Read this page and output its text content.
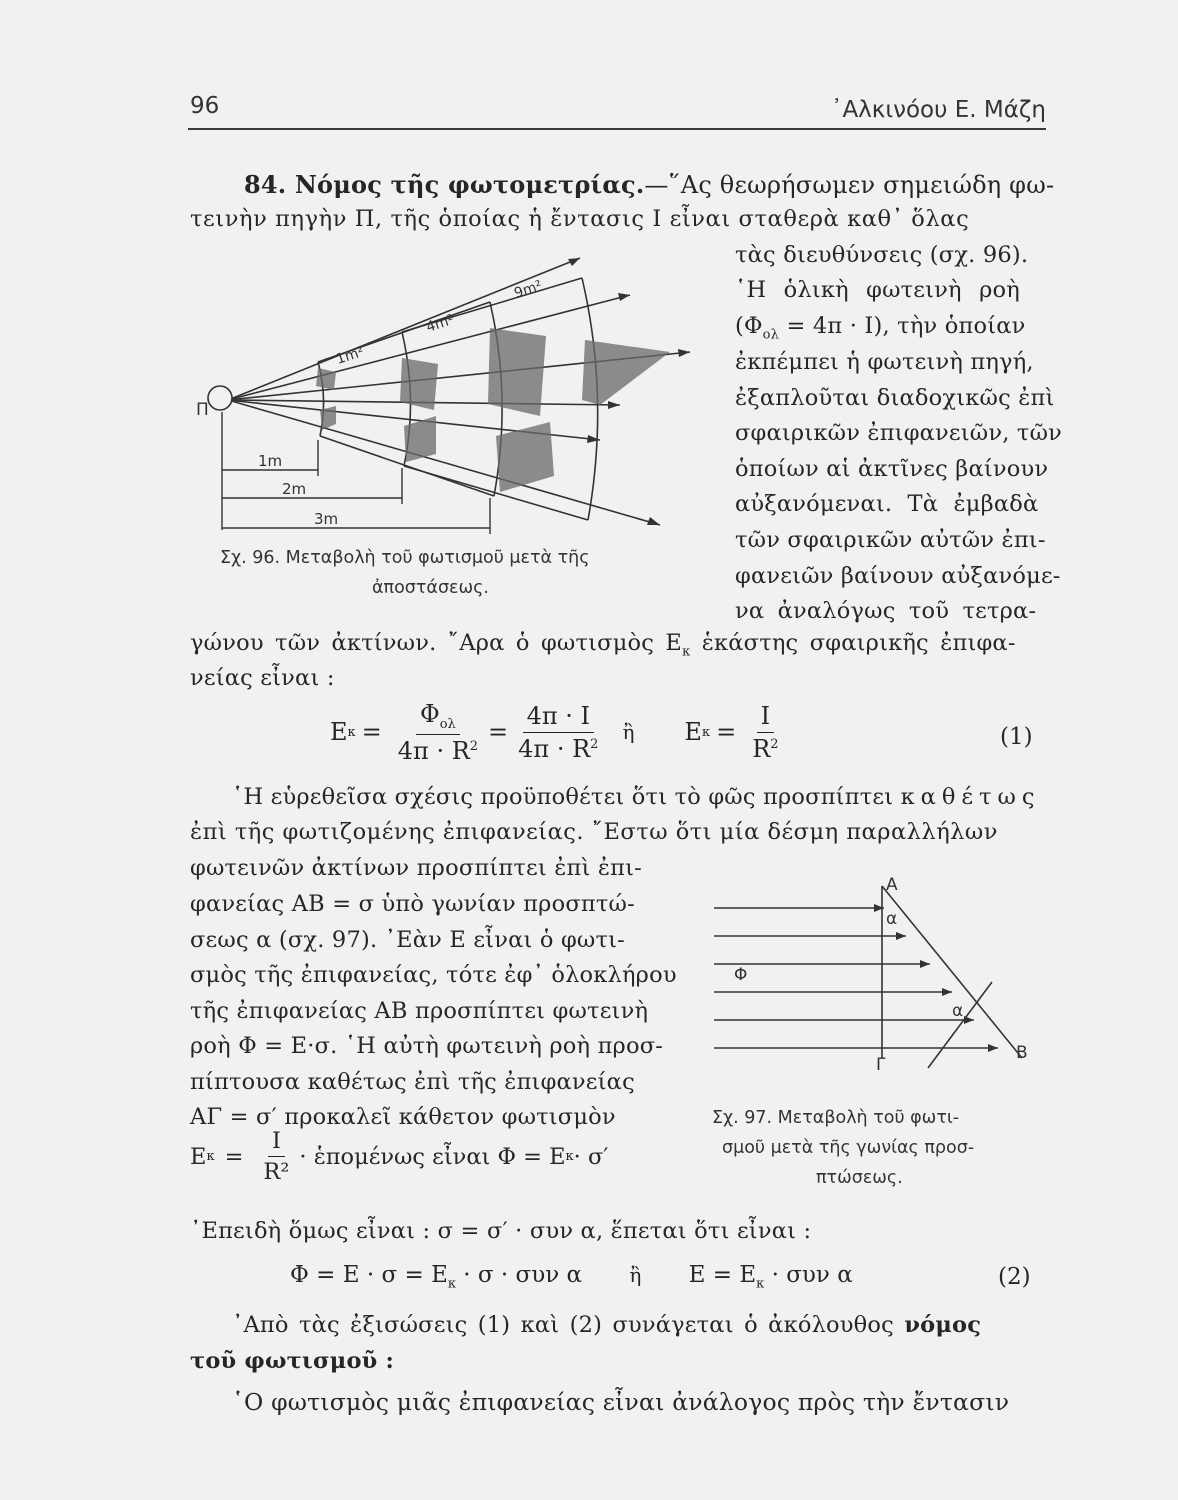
96	᾿Αλκινόου Ε. Μάζη
84. Νόμος τῆς φωτομετρίας.—῞Ας θεωρήσωμεν σημειώδη φω-
τεινὴν πηγὴν Π, τῆς ὁποίας ἡ ἔντασις Ι εἶναι σταθερὰ καθ᾿ ὅλας
τὰς διευθύνσεις (σχ. 96).
῾Η ὁλικὴ φωτεινὴ ροὴ
$(\Phi_{o\lambda} = 4\pi \cdot I)$, τὴν ὁποίαν
ἐκπέμπει ἡ φωτεινὴ πηγή,
ἐξαπλοῦται διαδοχικῶς ἐπὶ
σφαιρικῶν ἐπιφανειῶν, τῶν
ὁποίων αἱ ἀκτῖνες βαίνουν
αὐξανόμεναι. Τὰ ἐμβαδὰ
τῶν σφαιρικῶν αὐτῶν ἐπι-
φανειῶν βαίνουν αὐξανόμε-
να ἀναλόγως τοῦ τετρα-
Π
1m²
4m²
9m²
1m
2m
3m
Σχ. 96. Μεταβολὴ τοῦ φωτισμοῦ μετὰ τῆς
ἀποστάσεως.
γώνου τῶν ἀκτίνων. ῎Αρα ὁ φωτισμὸς $E_\kappa$ ἑκάστης σφαιρικῆς ἐπιφα-
νείας εἶναι :
Ε $\kappa = \frac{\Phi_{o\lambda}}{4\pi \cdot R^2} = \frac{4\pi \cdot I}{4\pi \cdot R^2}$ ἢ Ε $\kappa = \frac{I}{R^2}$	(1)
῾Η εὑρεθεῖσα σχέσις προϋποθέτει ὅτι τὸ φῶς προσπίπτει καθέτως
ἐπὶ τῆς φωτιζομένης ἐπιφανείας. ῎Εστω ὅτι μία δέσμη παραλλήλων
φωτεινῶν ἀκτίνων προσπίπτει ἐπὶ ἐπι-
φανείας ΑΒ = σ ὑπὸ γωνίαν προσπτώ-
σεως α (σχ. 97). ᾿Εὰν Ε εἶναι ὁ φωτι-
σμὸς τῆς ἐπιφανείας, τότε ἐφ᾿ ὁλοκλήρου
τῆς ἐπιφανείας ΑΒ προσπίπτει φωτεινὴ
ροὴ Φ = Ε·σ. ῾Η αὐτὴ φωτεινὴ ροὴ προσ-
πίπτουσα καθέτως ἐπὶ τῆς ἐπιφανείας
ΑΓ = σ′ προκαλεῖ κάθετον φωτισμὸν
Α
α
Φ
α
Γ
Β
Σχ. 97. Μεταβολὴ τοῦ φωτι-
σμοῦ μετὰ τῆς γωνίας προσ-
πτώσεως.
Ε $\kappa = \frac{I}{\text{R²}}$ · ἑπομένως εἶναι Φ = Ε κ · σ′
᾿Επειδὴ ὅμως εἶναι : σ = σ′ · συν α, ἕπεται ὅτι εἶναι :
$\Phi = E \cdot \sigma = E_\kappa \cdot \sigma \cdot \sigma\upsilon\nu$ α ἢ $E = E_\kappa \cdot \sigma\upsilon\nu$ α	(2)
᾿Απὸ τὰς ἐξισώσεις (1) καὶ (2) συνάγεται ὁ ἀκόλουθος νόμος
τοῦ φωτισμοῦ :
῾Ο φωτισμὸς μιᾶς ἐπιφανείας εἶναι ἀνάλογος πρὸς τὴν ἔντασιν
